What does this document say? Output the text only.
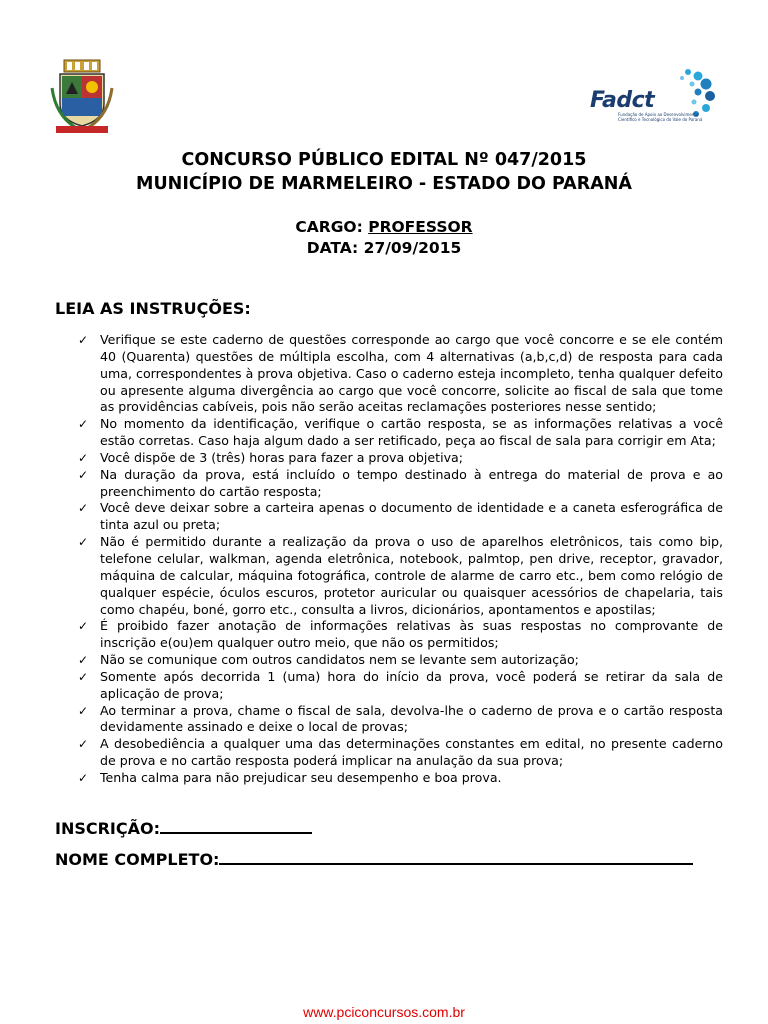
Fadct
Fundação de Apoio ao Desenvolvimento Científico e Tecnológico do Vale do Paraná
CONCURSO PÚBLICO EDITAL Nº 047/2015
MUNICÍPIO DE MARMELEIRO - ESTADO DO PARANÁ
CARGO: PROFESSOR
DATA: 27/09/2015
LEIA AS INSTRUÇÕES:
✓ Verifique se este caderno de questões corresponde ao cargo que você concorre e se ele contém 40 (Quarenta) questões de múltipla escolha, com 4 alternativas (a,b,c,d) de resposta para cada uma, correspondentes à prova objetiva. Caso o caderno esteja incompleto, tenha qualquer defeito ou apresente alguma divergência ao cargo que você concorre, solicite ao fiscal de sala que tome as providências cabíveis, pois não serão aceitas reclamações posteriores nesse sentido;
✓ No momento da identificação, verifique o cartão resposta, se as informações relativas a você estão corretas. Caso haja algum dado a ser retificado, peça ao fiscal de sala para corrigir em Ata;
✓ Você dispõe de 3 (três) horas para fazer a prova objetiva;
✓ Na duração da prova, está incluído o tempo destinado à entrega do material de prova e ao preenchimento do cartão resposta;
✓ Você deve deixar sobre a carteira apenas o documento de identidade e a caneta esferográfica de tinta azul ou preta;
✓ Não é permitido durante a realização da prova o uso de aparelhos eletrônicos, tais como bip, telefone celular, walkman, agenda eletrônica, notebook, palmtop, pen drive, receptor, gravador, máquina de calcular, máquina fotográfica, controle de alarme de carro etc., bem como relógio de qualquer espécie, óculos escuros, protetor auricular ou quaisquer acessórios de chapelaria, tais como chapéu, boné, gorro etc., consulta a livros, dicionários, apontamentos e apostilas;
✓ É proibido fazer anotação de informações relativas às suas respostas no comprovante de inscrição e(ou)em qualquer outro meio, que não os permitidos;
✓ Não se comunique com outros candidatos nem se levante sem autorização;
✓ Somente após decorrida 1 (uma) hora do início da prova, você poderá se retirar da sala de aplicação de prova;
✓ Ao terminar a prova, chame o fiscal de sala, devolva-lhe o caderno de prova e o cartão resposta devidamente assinado e deixe o local de provas;
✓ A desobediência a qualquer uma das determinações constantes em edital, no presente caderno de prova e no cartão resposta poderá implicar na anulação da sua prova;
✓ Tenha calma para não prejudicar seu desempenho e boa prova.
INSCRIÇÃO:
NOME COMPLETO:
www.pciconcursos.com.br
